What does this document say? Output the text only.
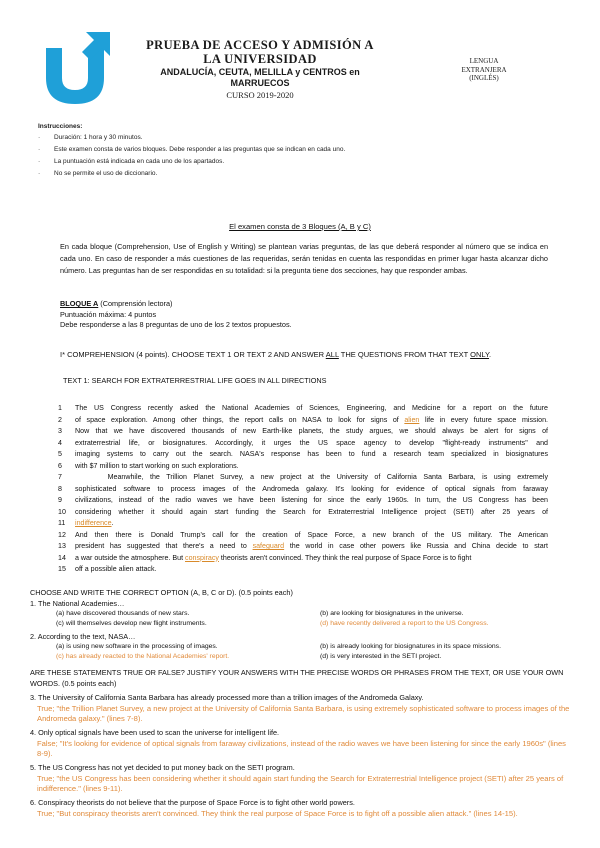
PRUEBA DE ACCESO Y ADMISIÓN A
LA UNIVERSIDAD
ANDALUCÍA, CEUTA, MELILLA y CENTROS en
MARRUECOS
CURSO 2019-2020
LENGUA
EXTRANJERA
(INGLÉS)
Instrucciones:
· Duración: 1 hora y 30 minutos.
· Este examen consta de varios bloques. Debe responder a las preguntas que se indican en cada uno.
· La puntuación está indicada en cada uno de los apartados.
· No se permite el uso de diccionario.
El examen consta de 3 Bloques (A, B y C)
En cada bloque (Comprehension, Use of English y Writing) se plantean varias preguntas, de las que deberá responder al número que se indica en cada uno. En caso de responder a más cuestiones de las requeridas, serán tenidas en cuenta las respondidas en primer lugar hasta alcanzar dicho número. Las preguntas han de ser respondidas en su totalidad: si la pregunta tiene dos secciones, hay que responder ambas.
BLOQUE A (Comprensión lectora)
Puntuación máxima: 4 puntos
Debe responderse a las 8 preguntas de uno de los 2 textos propuestos.
I* COMPREHENSION (4 points). CHOOSE TEXT 1 OR TEXT 2 AND ANSWER ALL THE QUESTIONS FROM THAT TEXT ONLY.
TEXT 1: SEARCH FOR EXTRATERRESTRIAL LIFE GOES IN ALL DIRECTIONS
1	The US Congress recently asked the National Academies of Sciences, Engineering, and Medicine for a report on the future
2	of space exploration. Among other things, the report calls on NASA to look for signs of alien life in every future space mission.
3	Now that we have discovered thousands of new Earth-like planets, the study argues, we should always be alert for signs of
4	extraterrestrial life, or biosignatures. Accordingly, it urges the US space agency to develop "flight-ready instruments" and
5	imaging systems to carry out the search. NASA's response has been to fund a research team specialized in biosignatures
6	with $7 million to start working on such explorations.
7	Meanwhile, the Trillion Planet Survey, a new project at the University of California Santa Barbara, is using extremely
8	sophisticated software to process images of the Andromeda galaxy. It's looking for evidence of optical signals from faraway
9	civilizations, instead of the radio waves we have been listening for since the early 1960s. In turn, the US Congress has been
10	considering whether it should again start funding the Search for Extraterrestrial Intelligence project (SETI) after 25 years of
11	indifference.
12	And then there is Donald Trump's call for the creation of Space Force, a new branch of the US military. The American
13	president has suggested that there's a need to safeguard the world in case other powers like Russia and China decide to start
14	a war outside the atmosphere. But conspiracy theorists aren't convinced. They think the real purpose of Space Force is to fight
15	off a possible alien attack.
CHOOSE AND WRITE THE CORRECT OPTION (A, B, C or D). (0.5 points each)
1. The National Academies…
(a) have discovered thousands of new stars.	(b) are looking for biosignatures in the universe.
(c) will themselves develop new flight instruments.	(d) have recently delivered a report to the US Congress.
2. According to the text, NASA…
(a) is using new software in the processing of images.	(b) is already looking for biosignatures in its space missions.
(c) has already reacted to the National Academies' report.	(d) is very interested in the SETI project.
ARE THESE STATEMENTS TRUE OR FALSE? JUSTIFY YOUR ANSWERS WITH THE PRECISE WORDS OR PHRASES FROM THE TEXT, OR USE YOUR OWN WORDS. (0.5 points each)
3. The University of California Santa Barbara has already processed more than a trillion images of the Andromeda Galaxy.
True; "the Trillion Planet Survey, a new project at the University of California Santa Barbara, is using extremely sophisticated software to process images of the Andromeda galaxy." (lines 7-8).
4. Only optical signals have been used to scan the universe for intelligent life.
False; "It's looking for evidence of optical signals from faraway civilizations, instead of the radio waves we have been listening for since the early 1960s" (lines 8-9).
5. The US Congress has not yet decided to put money back on the SETI program.
True; "the US Congress has been considering whether it should again start funding the Search for Extraterrestrial Intelligence project (SETI) after 25 years of indifference." (lines 9-11).
6. Conspiracy theorists do not believe that the purpose of Space Force is to fight other world powers.
True; "But conspiracy theorists aren't convinced. They think the real purpose of Space Force is to fight off a possible alien attack." (lines 14-15).
